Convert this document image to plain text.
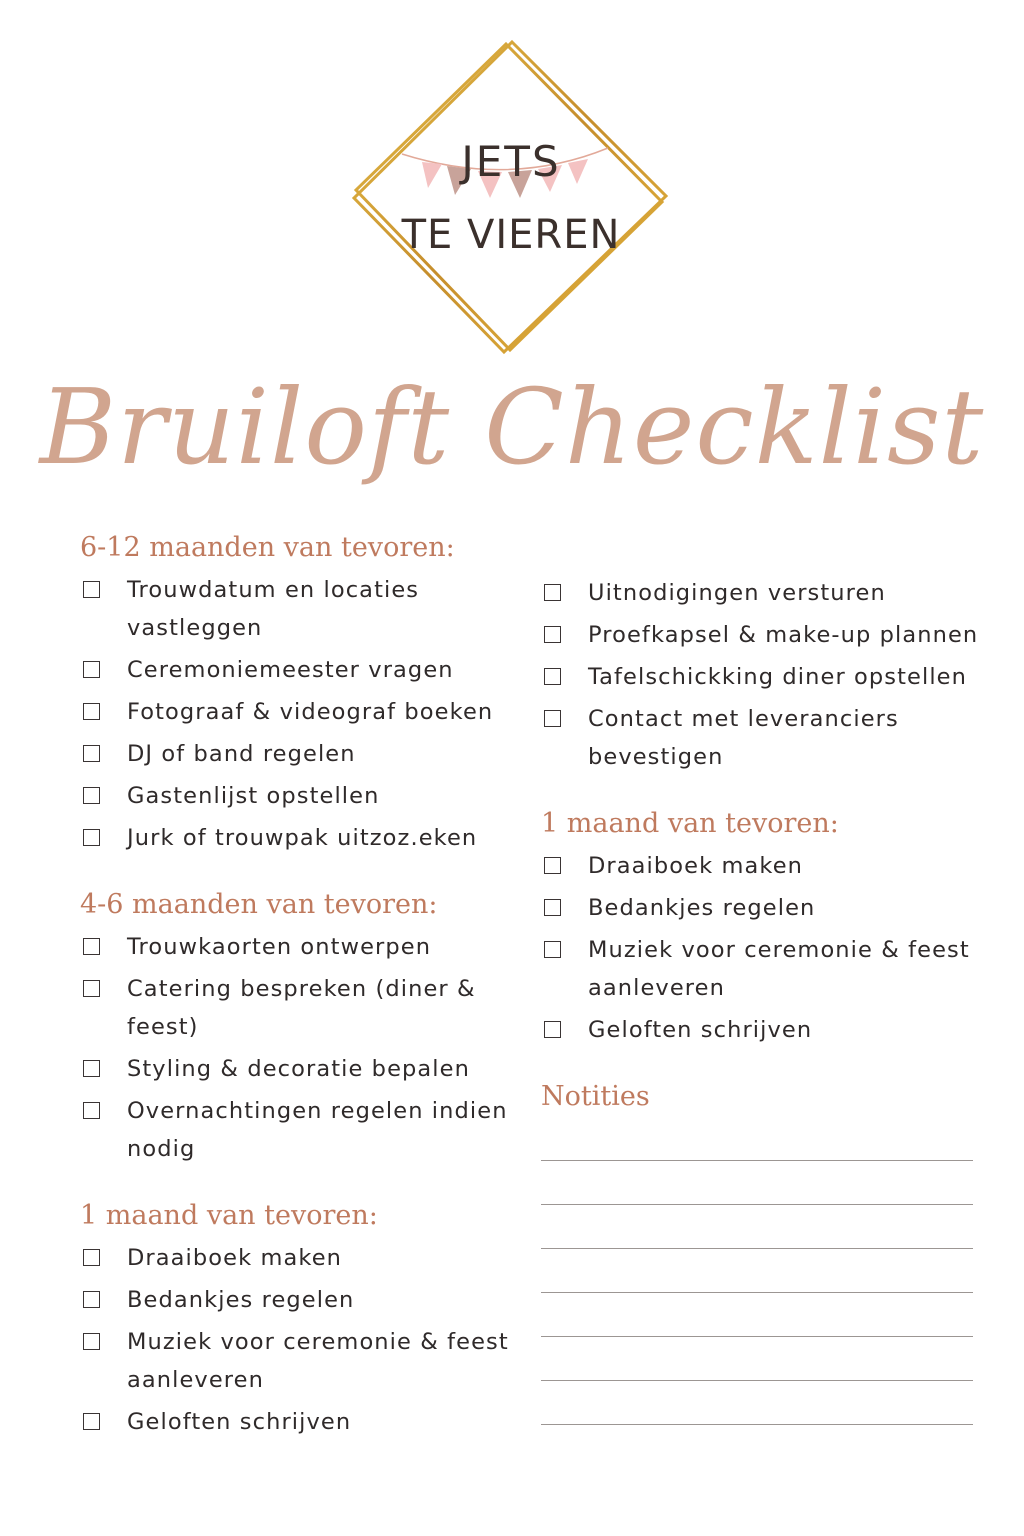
JETS
TE VIEREN
Bruiloft Checklist
6-12 maanden van tevoren:
Trouwdatum en locaties vastleggen
Ceremoniemeester vragen
Fotograaf & videograf boeken
DJ of band regelen
Gastenlijst opstellen
Jurk of trouwpak uitzoz.eken
4-6 maanden van tevoren:
Trouwkaorten ontwerpen
Catering bespreken (diner & feest)
Styling & decoratie bepalen
Overnachtingen regelen indien nodig
1 maand van tevoren:
Draaiboek maken
Bedankjes regelen
Muziek voor ceremonie & feest aanleveren
Geloften schrijven
Uitnodigingen versturen
Proefkapsel & make-up plannen
Tafelschickking diner opstellen
Contact met leveranciers bevestigen
1 maand van tevoren:
Draaiboek maken
Bedankjes regelen
Muziek voor ceremonie & feest aanleveren
Geloften schrijven
Notities
